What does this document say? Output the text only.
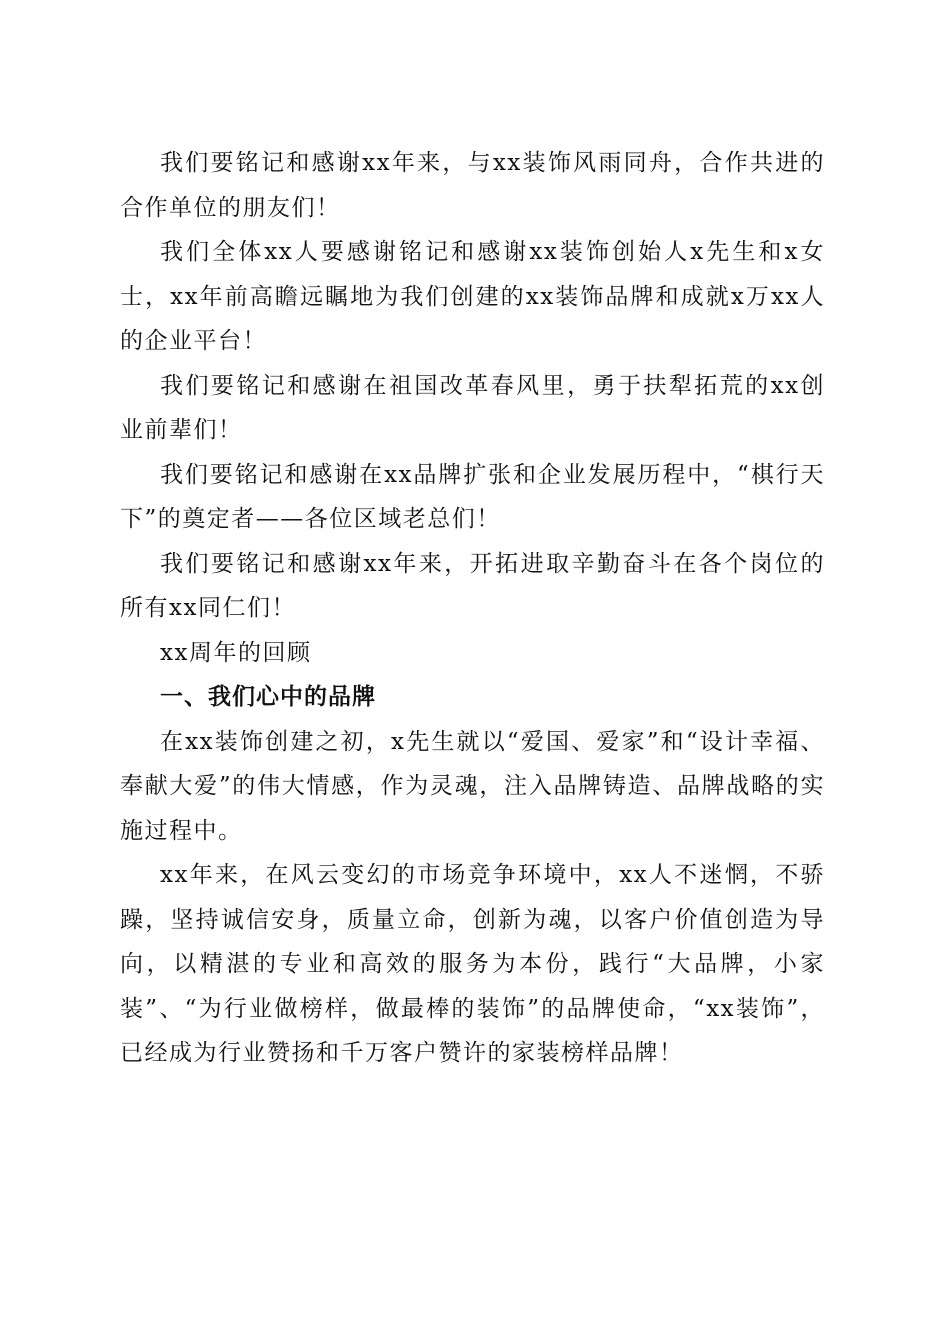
我们要铭记和感谢xx年来，与xx装饰风雨同舟，合作共进的合作单位的朋友们！

我们全体xx人要感谢铭记和感谢xx装饰创始人x先生和x女士，xx年前高瞻远瞩地为我们创建的xx装饰品牌和成就x万xx人的企业平台！

我们要铭记和感谢在祖国改革春风里，勇于扶犁拓荒的xx创业前辈们！

我们要铭记和感谢在xx品牌扩张和企业发展历程中，“棋行天下”的奠定者——各位区域老总们！

我们要铭记和感谢xx年来，开拓进取辛勤奋斗在各个岗位的所有xx同仁们！

xx周年的回顾

一、我们心中的品牌

在xx装饰创建之初，x先生就以“爱国、爱家”和“设计幸福、奉献大爱”的伟大情感，作为灵魂，注入品牌铸造、品牌战略的实施过程中。

xx年来，在风云变幻的市场竞争环境中，xx人不迷惘，不骄躁，坚持诚信安身，质量立命，创新为魂，以客户价值创造为导向，以精湛的专业和高效的服务为本份，践行“大品牌，小家装”、“为行业做榜样，做最棒的装饰”的品牌使命，“xx装饰”，已经成为行业赞扬和千万客户赞许的家装榜样品牌！
